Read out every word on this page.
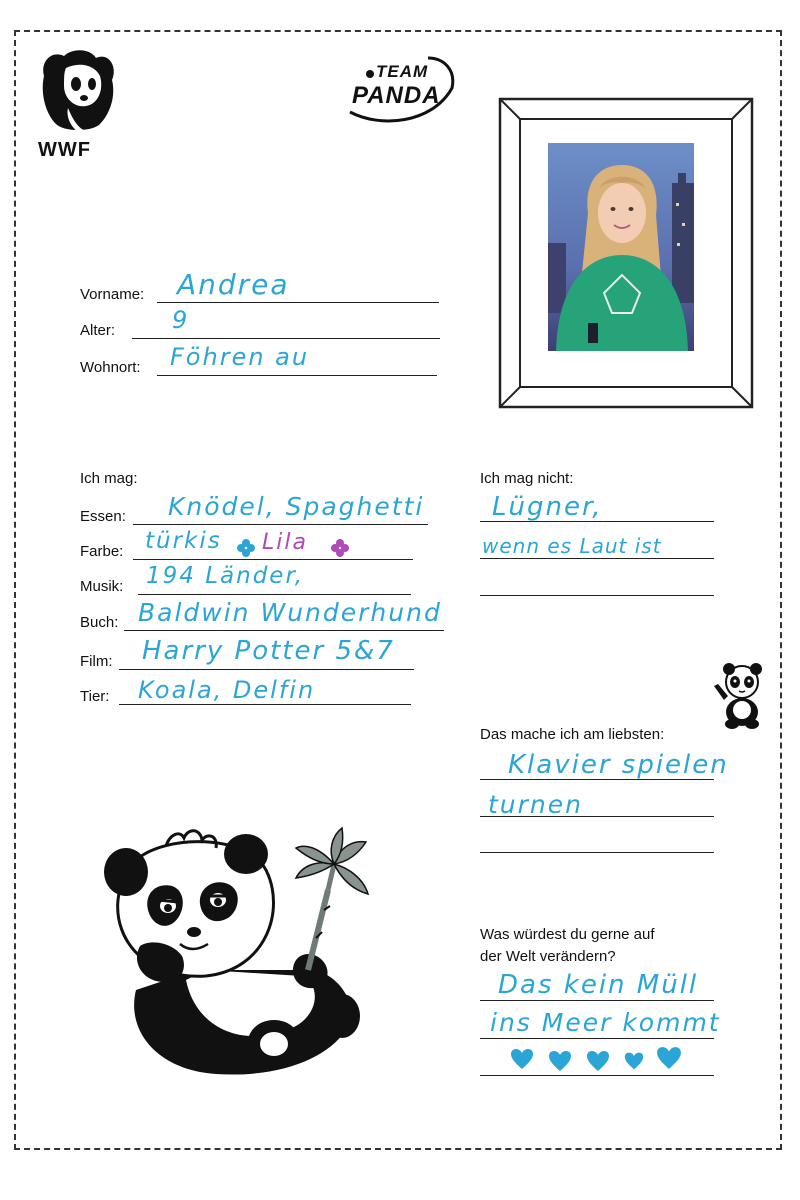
WWF
TEAM
PANDA
Vorname: Andrea
Alter: 9
Wohnort: Föhren au
Ich mag:
Essen: Knödel, Spaghetti
Farbe: türkis Lila
Musik: 194 Länder,
Buch: Baldwin Wunderhund
Film: Harry Potter 5&7
Tier: Koala, Delfin
Ich mag nicht:
Lügner,
wenn es Laut ist
Das mache ich am liebsten:
Klavier spielen
turnen
Was würdest du gerne auf
der Welt verändern?
Das kein Müll
ins Meer kommt
